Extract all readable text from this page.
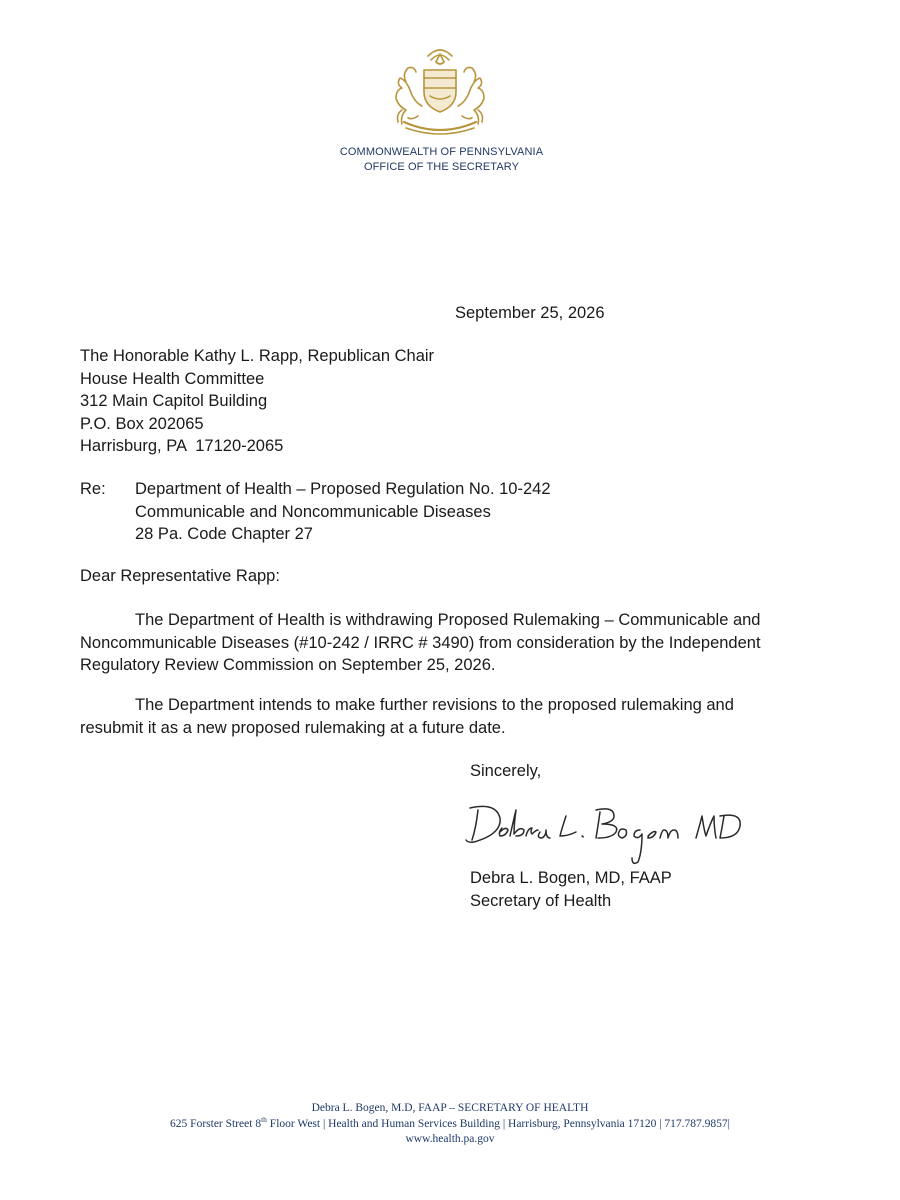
COMMONWEALTH OF PENNSYLVANIA
OFFICE OF THE SECRETARY
September 25, 2026
The Honorable Kathy L. Rapp, Republican Chair
House Health Committee
312 Main Capitol Building
P.O. Box 202065
Harrisburg, PA  17120-2065
Re:	Department of Health – Proposed Regulation No. 10-242
Communicable and Noncommunicable Diseases
28 Pa. Code Chapter 27
Dear Representative Rapp:

The Department of Health is withdrawing Proposed Rulemaking – Communicable and Noncommunicable Diseases (#10-242 / IRRC # 3490) from consideration by the Independent Regulatory Review Commission on September 25, 2026.

The Department intends to make further revisions to the proposed rulemaking and resubmit it as a new proposed rulemaking at a future date.

Sincerely,
Debra L. Bogen MD
Debra L. Bogen, MD, FAAP
Secretary of Health
Debra L. Bogen, M.D, FAAP – SECRETARY OF HEALTH
625 Forster Street 8th Floor West | Health and Human Services Building | Harrisburg, Pennsylvania 17120 | 717.787.9857|
www.health.pa.gov
